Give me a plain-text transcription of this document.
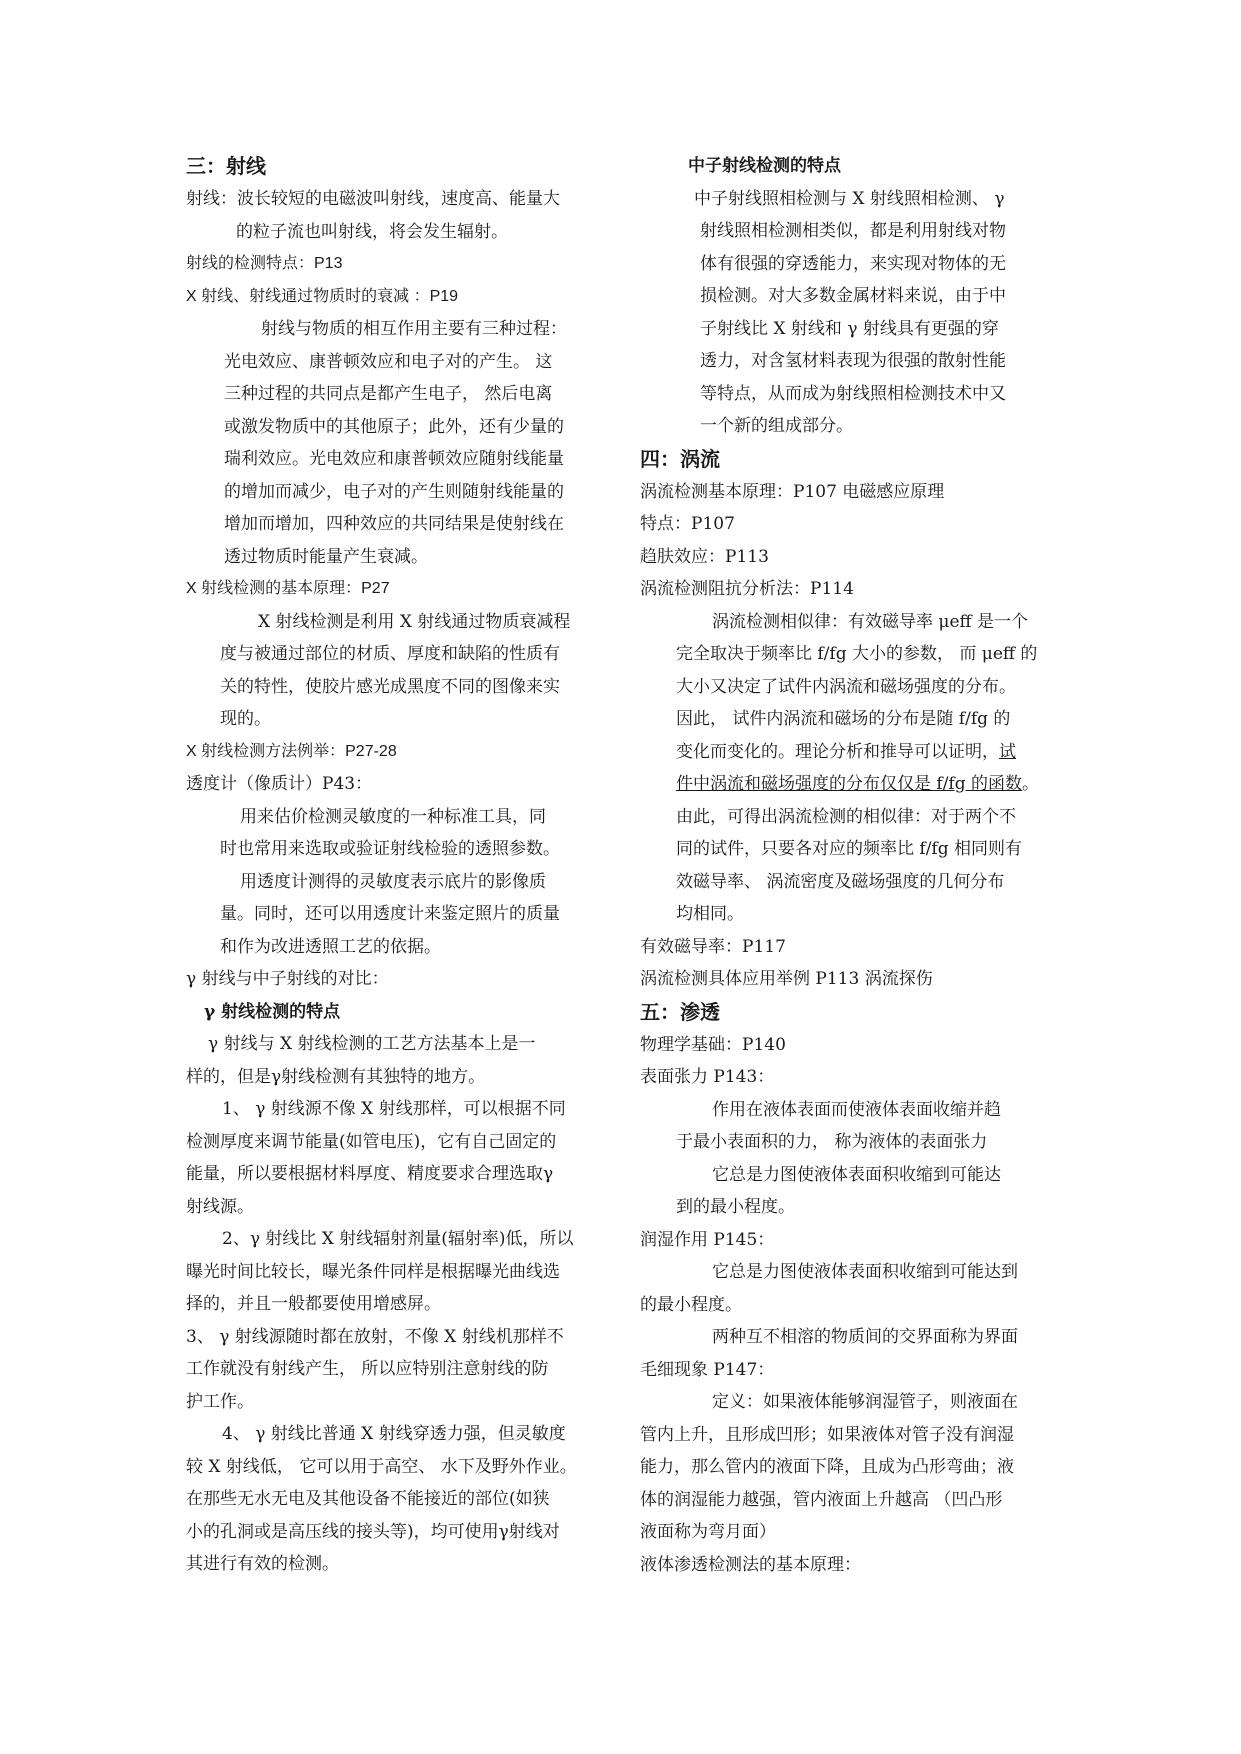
三：射线
射线：波长较短的电磁波叫射线，速度高、能量大
的粒子流也叫射线，将会发生辐射。
射线的检测特点：P13
X 射线、射线通过物质时的衰减 ：P19
射线与物质的相互作用主要有三种过程：
光电效应、康普顿效应和电子对的产生。 这
三种过程的共同点是都产生电子， 然后电离
或激发物质中的其他原子；此外，还有少量的
瑞利效应。光电效应和康普顿效应随射线能量
的增加而减少，电子对的产生则随射线能量的
增加而增加，四种效应的共同结果是使射线在
透过物质时能量产生衰减。
X 射线检测的基本原理：P27
X 射线检测是利用 X 射线通过物质衰减程
度与被通过部位的材质、厚度和缺陷的性质有
关的特性，使胶片感光成黑度不同的图像来实
现的。
X 射线检测方法例举：P27-28
透度计（像质计）P43：
用来估价检测灵敏度的一种标准工具，同
时也常用来选取或验证射线检验的透照参数。
用透度计测得的灵敏度表示底片的影像质
量。同时，还可以用透度计来鉴定照片的质量
和作为改进透照工艺的依据。
γ 射线与中子射线的对比：
γ 射线检测的特点
γ 射线与 X 射线检测的工艺方法基本上是一
样的，但是γ射线检测有其独特的地方。
1、 γ 射线源不像 X 射线那样，可以根据不同
检测厚度来调节能量(如管电压)，它有自己固定的
能量，所以要根据材料厚度、精度要求合理选取γ
射线源。
2、γ 射线比 X 射线辐射剂量(辐射率)低，所以
曝光时间比较长，曝光条件同样是根据曝光曲线选
择的，并且一般都要使用增感屏。
3、 γ 射线源随时都在放射，不像 X 射线机那样不
工作就没有射线产生， 所以应特别注意射线的防
护工作。
4、 γ 射线比普通 X 射线穿透力强，但灵敏度
较 X 射线低， 它可以用于高空、 水下及野外作业。
在那些无水无电及其他设备不能接近的部位(如狭
小的孔洞或是高压线的接头等)，均可使用γ射线对
其进行有效的检测。
中子射线检测的特点
中子射线照相检测与 X 射线照相检测、 γ
射线照相检测相类似，都是利用射线对物
体有很强的穿透能力，来实现对物体的无
损检测。对大多数金属材料来说，由于中
子射线比 X 射线和 γ 射线具有更强的穿
透力，对含氢材料表现为很强的散射性能
等特点，从而成为射线照相检测技术中又
一个新的组成部分。
四：涡流
涡流检测基本原理：P107 电磁感应原理
特点：P107
趋肤效应：P113
涡流检测阻抗分析法：P114
涡流检测相似律：有效磁导率 μeff 是一个
完全取决于频率比 f/fg 大小的参数， 而 μeff 的
大小又决定了试件内涡流和磁场强度的分布。
因此， 试件内涡流和磁场的分布是随 f/fg 的
变化而变化的。理论分析和推导可以证明，试
件中涡流和磁场强度的分布仅仅是 f/fg 的函数。
由此，可得出涡流检测的相似律：对于两个不
同的试件，只要各对应的频率比 f/fg 相同则有
效磁导率、 涡流密度及磁场强度的几何分布
均相同。
有效磁导率：P117
涡流检测具体应用举例 P113 涡流探伤
五：渗透
物理学基础：P140
表面张力 P143：
作用在液体表面而使液体表面收缩并趋
于最小表面积的力， 称为液体的表面张力
它总是力图使液体表面积收缩到可能达
到的最小程度。
润湿作用 P145：
它总是力图使液体表面积收缩到可能达到
的最小程度。
两种互不相溶的物质间的交界面称为界面
毛细现象 P147：
定义：如果液体能够润湿管子，则液面在
管内上升，且形成凹形；如果液体对管子没有润湿
能力，那么管内的液面下降，且成为凸形弯曲；液
体的润湿能力越强，管内液面上升越高 （凹凸形
液面称为弯月面）
液体渗透检测法的基本原理：
